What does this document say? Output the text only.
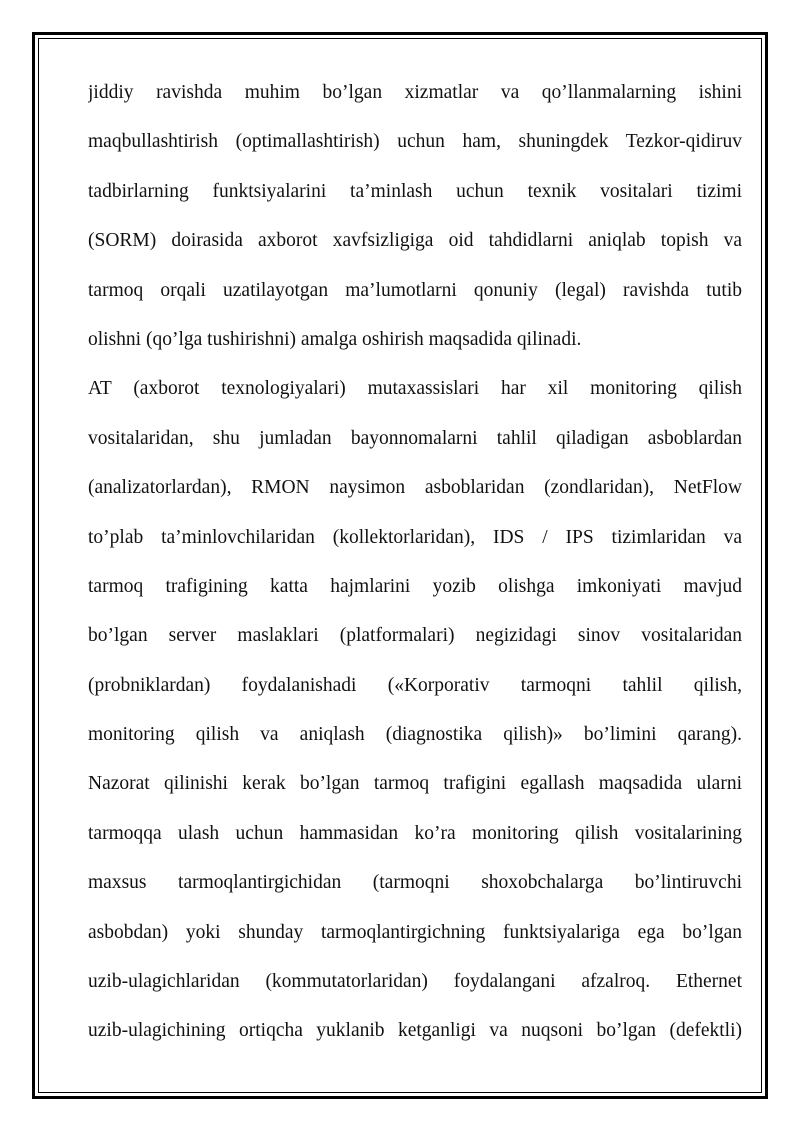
jiddiy ravishda muhim bo’lgan xizmatlar va qo’llanmalarning ishini
maqbullashtirish (optimallashtirish) uchun ham, shuningdek Tezkor-qidiruv
tadbirlarning funktsiyalarini ta’minlash uchun texnik vositalari tizimi
(SORM) doirasida axborot xavfsizligiga oid tahdidlarni aniqlab topish va
tarmoq orqali uzatilayotgan ma’lumotlarni qonuniy (legal) ravishda tutib
olishni (qo’lga tushirishni) amalga oshirish maqsadida qilinadi.
AT (axborot texnologiyalari) mutaxassislari har xil monitoring qilish
vositalaridan, shu jumladan bayonnomalarni tahlil qiladigan asboblardan
(analizatorlardan), RMON naysimon asboblaridan (zondlaridan), NetFlow
to’plab ta’minlovchilaridan (kollektorlaridan), IDS / IPS tizimlaridan va
tarmoq trafigining katta hajmlarini yozib olishga imkoniyati mavjud
bo’lgan server maslaklari (platformalari) negizidagi sinov vositalaridan
(probniklardan) foydalanishadi («Korporativ tarmoqni tahlil qilish,
monitoring qilish va aniqlash (diagnostika qilish)» bo’limini qarang).
Nazorat qilinishi kerak bo’lgan tarmoq trafigini egallash maqsadida ularni
tarmoqqa ulash uchun hammasidan ko’ra monitoring qilish vositalarining
maxsus tarmoqlantirgichidan (tarmoqni shoxobchalarga bo’lintiruvchi
asbobdan) yoki shunday tarmoqlantirgichning funktsiyalariga ega bo’lgan
uzib-ulagichlaridan (kommutatorlaridan) foydalangani afzalroq. Ethernet
uzib-ulagichining ortiqcha yuklanib ketganligi va nuqsoni bo’lgan (defektli)
